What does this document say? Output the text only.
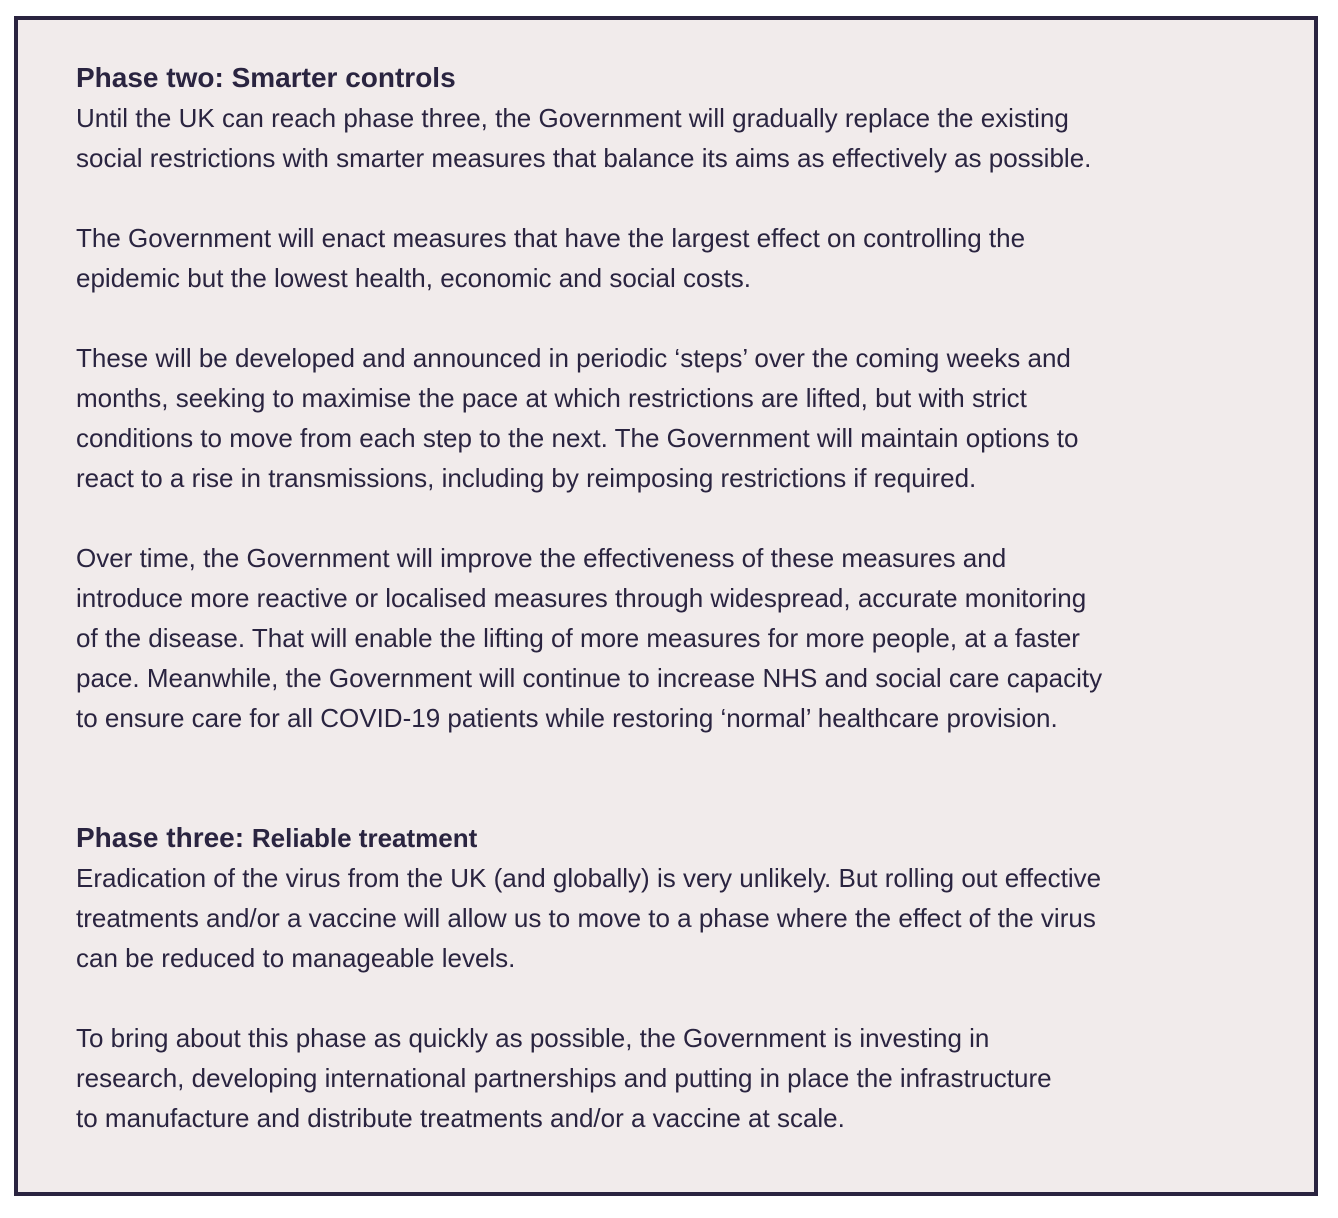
Phase two: Smarter controls

Until the UK can reach phase three, the Government will gradually replace the existing
social restrictions with smarter measures that balance its aims as effectively as possible.

The Government will enact measures that have the largest effect on controlling the
epidemic but the lowest health, economic and social costs.

These will be developed and announced in periodic ‘steps’ over the coming weeks and
months, seeking to maximise the pace at which restrictions are lifted, but with strict
conditions to move from each step to the next. The Government will maintain options to
react to a rise in transmissions, including by reimposing restrictions if required.

Over time, the Government will improve the effectiveness of these measures and
introduce more reactive or localised measures through widespread, accurate monitoring
of the disease. That will enable the lifting of more measures for more people, at a faster
pace. Meanwhile, the Government will continue to increase NHS and social care capacity
to ensure care for all COVID-19 patients while restoring ‘normal’ healthcare provision.

Phase three: Reliable treatment

Eradication of the virus from the UK (and globally) is very unlikely. But rolling out effective
treatments and/or a vaccine will allow us to move to a phase where the effect of the virus
can be reduced to manageable levels.

To bring about this phase as quickly as possible, the Government is investing in
research, developing international partnerships and putting in place the infrastructure
to manufacture and distribute treatments and/or a vaccine at scale.
